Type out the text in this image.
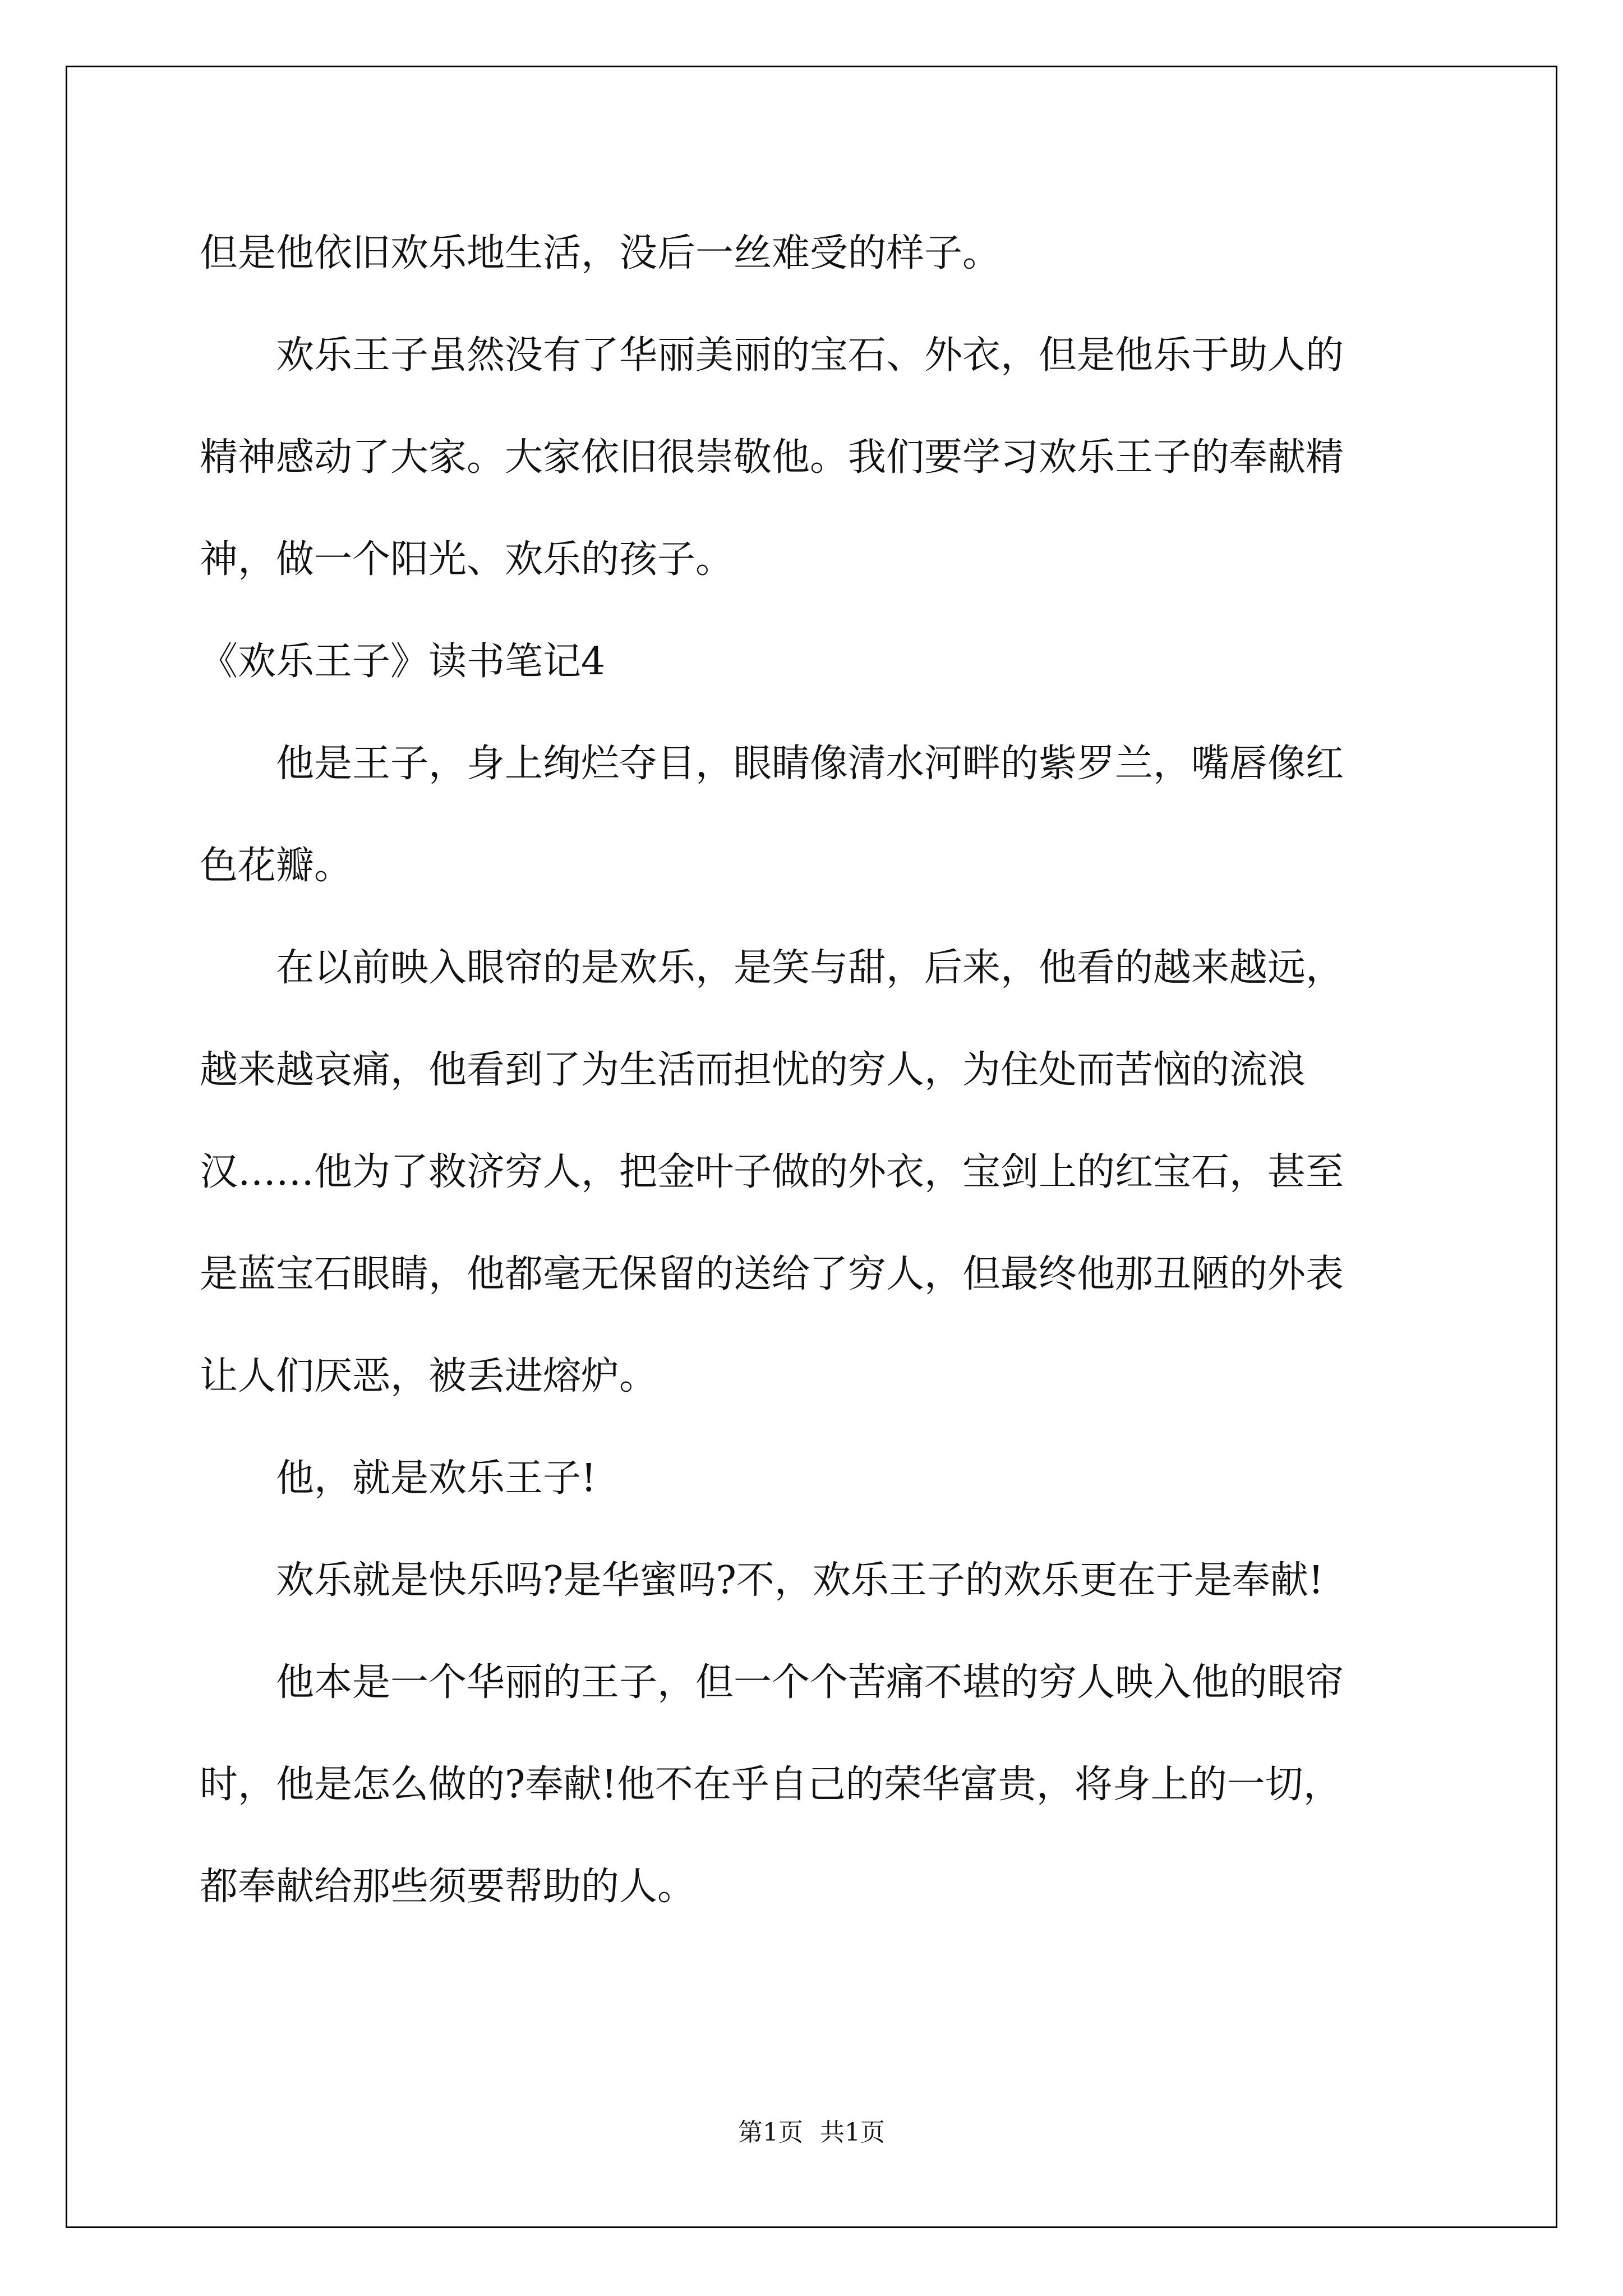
但是他依旧欢乐地生活，没后一丝难受的样子。

　　欢乐王子虽然没有了华丽美丽的宝石、外衣，但是他乐于助人的

精神感动了大家。大家依旧很崇敬他。我们要学习欢乐王子的奉献精

神，做一个阳光、欢乐的孩子。

《欢乐王子》读书笔记4

　　他是王子，身上绚烂夺目，眼睛像清水河畔的紫罗兰，嘴唇像红

色花瓣。

　　在以前映入眼帘的是欢乐，是笑与甜，后来，他看的越来越远，

越来越哀痛，他看到了为生活而担忧的穷人，为住处而苦恼的流浪

汉……他为了救济穷人，把金叶子做的外衣，宝剑上的红宝石，甚至

是蓝宝石眼睛，他都毫无保留的送给了穷人，但最终他那丑陋的外表

让人们厌恶，被丢进熔炉。

　　他，就是欢乐王子!

　　欢乐就是快乐吗?是华蜜吗?不，欢乐王子的欢乐更在于是奉献!

　　他本是一个华丽的王子，但一个个苦痛不堪的穷人映入他的眼帘

时，他是怎么做的?奉献!他不在乎自己的荣华富贵，将身上的一切，

都奉献给那些须要帮助的人。

第1页 共1页
